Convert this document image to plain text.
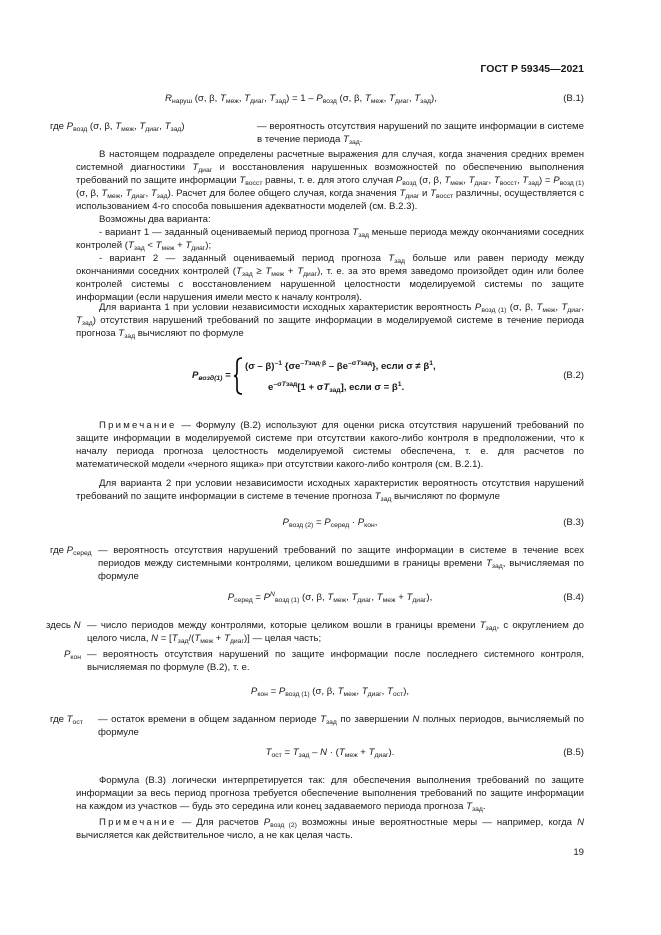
ГОСТ Р 59345—2021
$R_{наруш}$ (σ, β, $T_{меж}$, $T_{диаг}$, $T_{зад}) = 1 - P_{возд}$ (σ, β, $T_{меж}$, $T_{диаг}$, $T_{зад}$),	(B.1)
где $P_{возд}$ (σ, β, $T_{меж}$, $T_{диаг}$, $T_{зад}$)	— вероятность отсутствия нарушений по защите информации в системе в течение периода $T_{зад}$.
В настоящем подразделе определены расчетные выражения для случая, когда значения средних времен системной диагностики $T_{диаг}$ и восстановления нарушенных возможностей по обеспечению выполнения требований по защите информации $T_{восст}$ равны, т. е. для этого случая $P_{возд}$ (σ, β, $T_{меж}$, $T_{диаг}$, $T_{восст}$, $T_{зад}) = P_{возд (1)}$ (σ, β, $T_{меж}$, $T_{диаг}$, $T_{зад}$). Расчет для более общего случая, когда значения $T_{диаг}$ и $T_{восст}$ различны, осуществляется с использованием 4-го способа повышения адекватности моделей (см. B.2.3).
Возможны два варианта:
- вариант 1 — заданный оцениваемый период прогноза $T_{зад}$ меньше периода между окончаниями соседних контролей $(T_{зад} < T_{меж} + T_{диаг})$;
- вариант 2 — заданный оцениваемый период прогноза $T_{зад}$ больше или равен периоду между окончаниями соседних контролей $(T_{зад} \ge T_{меж} + T_{диаг})$, т. е. за это время заведомо произойдет один или более контролей системы с восстановлением нарушенной целостности моделируемой системы по защите информации (если нарушения имели место к началу контроля).
Для варианта 1 при условии независимости исходных характеристик вероятность $P_{возд (1)}$ (σ, β, $T_{меж}$, $T_{диаг}$, $T_{зад}$) отсутствия нарушений требований по защите информации в моделируемой системе в течение периода прогноза $T_{зад}$ вычисляют по формуле
$P_{возд(1)}$ =
(σ – β)$^{-1}$ $\{\sigma e^{-Tзад\cdot\beta} - \beta e^{-\sigma Tзад}\}$, если $\sigma \ne \beta^1$,
$e^{-\sigma Tзад}[1 + \sigma T_{зад}]$, если $\sigma = \beta^1$.
(B.2)
Примечание — Формулу (B.2) используют для оценки риска отсутствия нарушений требований по защите информации в моделируемой системе при отсутствии какого-либо контроля в предположении, что к началу периода прогноза целостность моделируемой системы обеспечена, т. е. для расчетов по математической модели «черного ящика» при отсутствии какого-либо контроля (см. B.2.1).
Для варианта 2 при условии независимости исходных характеристик вероятность отсутствия нарушений требований по защите информации в системе в течение прогноза $T_{зад}$ вычисляют по формуле
$P_{возд (2)} = P_{серед} \cdot P_{кон}$,	(B.3)
где $P_{серед}$ — вероятность отсутствия нарушений требований по защите информации в системе в течение всех периодов между системными контролями, целиком вошедшими в границы времени $T_{зад}$, вычисляемая по формуле
$P_{серед} = P^N_{возд (1)}$ (σ, β, $T_{меж}$, $T_{диаг}$, $T_{меж} + T_{диаг}$),	(B.4)
здесь N — число периодов между контролями, которые целиком вошли в границы времени $T_{зад}$, с округлением до целого числа, $N = [T_{зад}/(T_{меж} + T_{диаг})]$ — целая часть;
$P_{кон}$ — вероятность отсутствия нарушений по защите информации после последнего системного контроля, вычисляемая по формуле (B.2), т. е.
$P_{кон} = P_{возд (1)}$ (σ, β, $T_{меж}$, $T_{диаг}$, $T_{ост}$),
где $T_{ост}$ — остаток времени в общем заданном периоде $T_{зад}$ по завершении N полных периодов, вычисляемый по формуле
$T_{ост} = T_{зад} - N \cdot (T_{меж} + T_{диаг})$.	(B.5)
Формула (B.3) логически интерпретируется так: для обеспечения выполнения требований по защите информации за весь период прогноза требуется обеспечение выполнения требований по защите информации на каждом из участков — будь это середина или конец задаваемого периода прогноза $T_{зад}$.
Примечание — Для расчетов $P_{возд (2)}$ возможны иные вероятностные меры — например, когда N вычисляется как действительное число, а не как целая часть.
19
